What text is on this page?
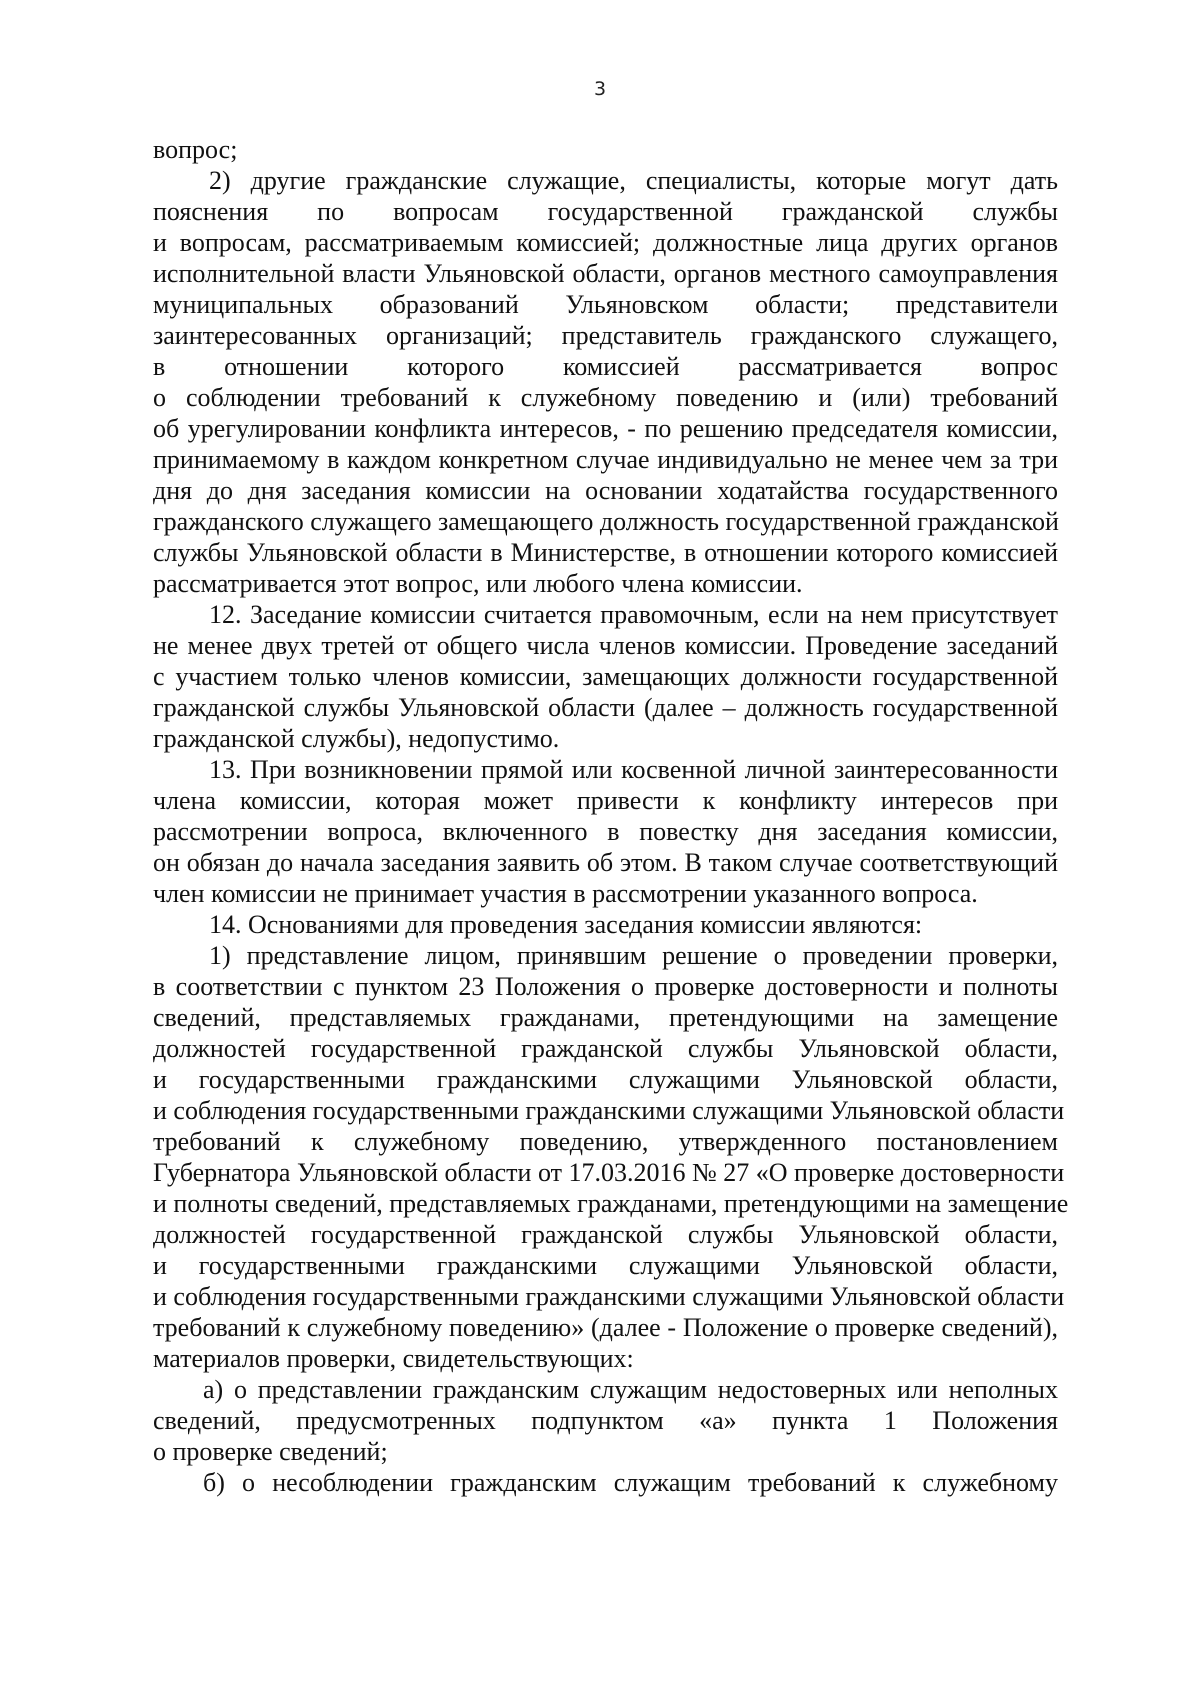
3
вопрос;
2) другие гражданские служащие, специалисты, которые могут дать
пояснения по вопросам государственной гражданской службы
и вопросам, рассматриваемым комиссией; должностные лица других органов
исполнительной власти Ульяновской области, органов местного самоуправления
муниципальных образований Ульяновском области; представители
заинтересованных организаций; представитель гражданского служащего,
в отношении которого комиссией рассматривается вопрос
о соблюдении требований к служебному поведению и (или) требований
об урегулировании конфликта интересов, - по решению председателя комиссии,
принимаемому в каждом конкретном случае индивидуально не менее чем за три
дня до дня заседания комиссии на основании ходатайства государственного
гражданского служащего замещающего должность государственной гражданской
службы Ульяновской области в Министерстве, в отношении которого комиссией
рассматривается этот вопрос, или любого члена комиссии.
12. Заседание комиссии считается правомочным, если на нем присутствует
не менее двух третей от общего числа членов комиссии. Проведение заседаний
с участием только членов комиссии, замещающих должности государственной
гражданской службы Ульяновской области (далее – должность государственной
гражданской службы), недопустимо.
13. При возникновении прямой или косвенной личной заинтересованности
члена комиссии, которая может привести к конфликту интересов при
рассмотрении вопроса, включенного в повестку дня заседания комиссии,
он обязан до начала заседания заявить об этом. В таком случае соответствующий
член комиссии не принимает участия в рассмотрении указанного вопроса.
14. Основаниями для проведения заседания комиссии являются:
1) представление лицом, принявшим решение о проведении проверки,
в соответствии с пунктом 23 Положения о проверке достоверности и полноты
сведений, представляемых гражданами, претендующими на замещение
должностей государственной гражданской службы Ульяновской области,
и государственными гражданскими служащими Ульяновской области,
и соблюдения государственными гражданскими служащими Ульяновской области
требований к служебному поведению, утвержденного постановлением
Губернатора Ульяновской области от 17.03.2016 № 27 «О проверке достоверности
и полноты сведений, представляемых гражданами, претендующими на замещение
должностей государственной гражданской службы Ульяновской области,
и государственными гражданскими служащими Ульяновской области,
и соблюдения государственными гражданскими служащими Ульяновской области
требований к служебному поведению» (далее - Положение о проверке сведений),
материалов проверки, свидетельствующих:
а) о представлении гражданским служащим недостоверных или неполных
сведений, предусмотренных подпунктом «а» пункта 1 Положения
о проверке сведений;
б) о несоблюдении гражданским служащим требований к служебному
